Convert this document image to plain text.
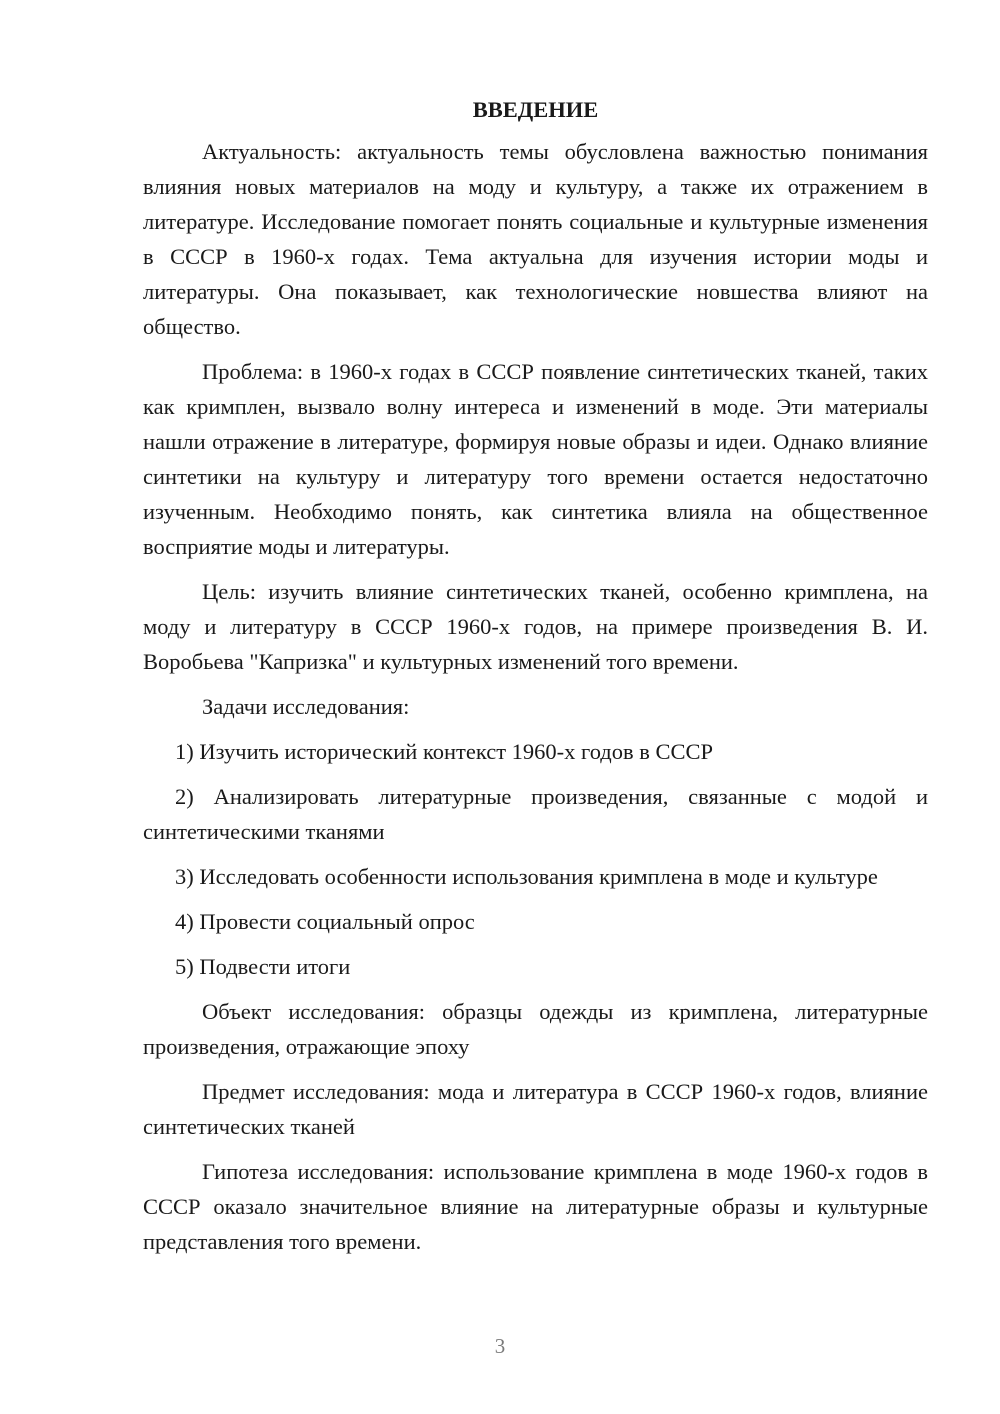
ВВЕДЕНИЕ

Актуальность: актуальность темы обусловлена важностью понимания влияния новых материалов на моду и культуру, а также их отражением в литературе. Исследование помогает понять социальные и культурные изменения в СССР в 1960-х годах. Тема актуальна для изучения истории моды и литературы. Она показывает, как технологические новшества влияют на общество.

Проблема: в 1960-х годах в СССР появление синтетических тканей, таких как кримплен, вызвало волну интереса и изменений в моде. Эти материалы нашли отражение в литературе, формируя новые образы и идеи. Однако влияние синтетики на культуру и литературу того времени остается недостаточно изученным. Необходимо понять, как синтетика влияла на общественное восприятие моды и литературы.

Цель: изучить влияние синтетических тканей, особенно кримплена, на моду и литературу в СССР 1960-х годов, на примере произведения В. И. Воробьева "Капризка" и культурных изменений того времени.

Задачи исследования:

1) Изучить исторический контекст 1960-х годов в СССР

2) Анализировать литературные произведения, связанные с модой и синтетическими тканями

3) Исследовать особенности использования кримплена в моде и культуре

4) Провести социальный опрос

5) Подвести итоги

Объект исследования: образцы одежды из кримплена, литературные произведения, отражающие эпоху

Предмет исследования: мода и литература в СССР 1960-х годов, влияние синтетических тканей

Гипотеза исследования: использование кримплена в моде 1960-х годов в СССР оказало значительное влияние на литературные образы и культурные представления того времени.

3
